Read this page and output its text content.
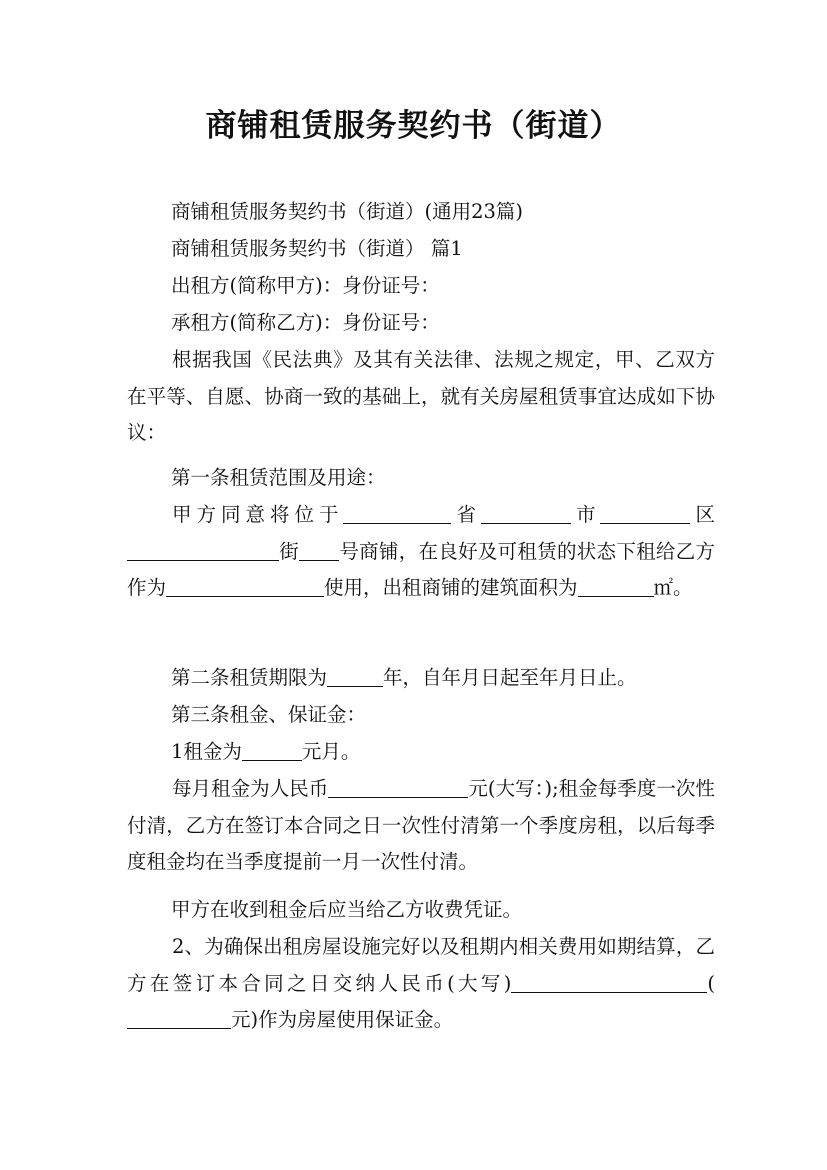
商铺租赁服务契约书（街道）

商铺租赁服务契约书（街道）(通用23篇)

商铺租赁服务契约书（街道） 篇1

出租方(简称甲方)：身份证号：

承租方(简称乙方)：身份证号：

根据我国《民法典》及其有关法律、法规之规定，甲、乙双方在平等、自愿、协商一致的基础上，就有关房屋租赁事宜达成如下协议：

第一条租赁范围及用途：

甲方同意将位于	省	市	区街 号商铺，在良好及可租赁的状态下租给乙方作为	使用，出租商铺的建筑面积为	㎡。

第二条租赁期限为	年，自年月日起至年月日止。

第三条租金、保证金：

1租金为	元月。

每月租金为人民币	元(大写：);租金每季度一次性付清，乙方在签订本合同之日一次性付清第一个季度房租，以后每季度租金均在当季度提前一月一次性付清。

甲方在收到租金后应当给乙方收费凭证。

2、为确保出租房屋设施完好以及租期内相关费用如期结算，乙方在签订本合同之日交纳人民币(大写)	(元)作为房屋使用保证金。
